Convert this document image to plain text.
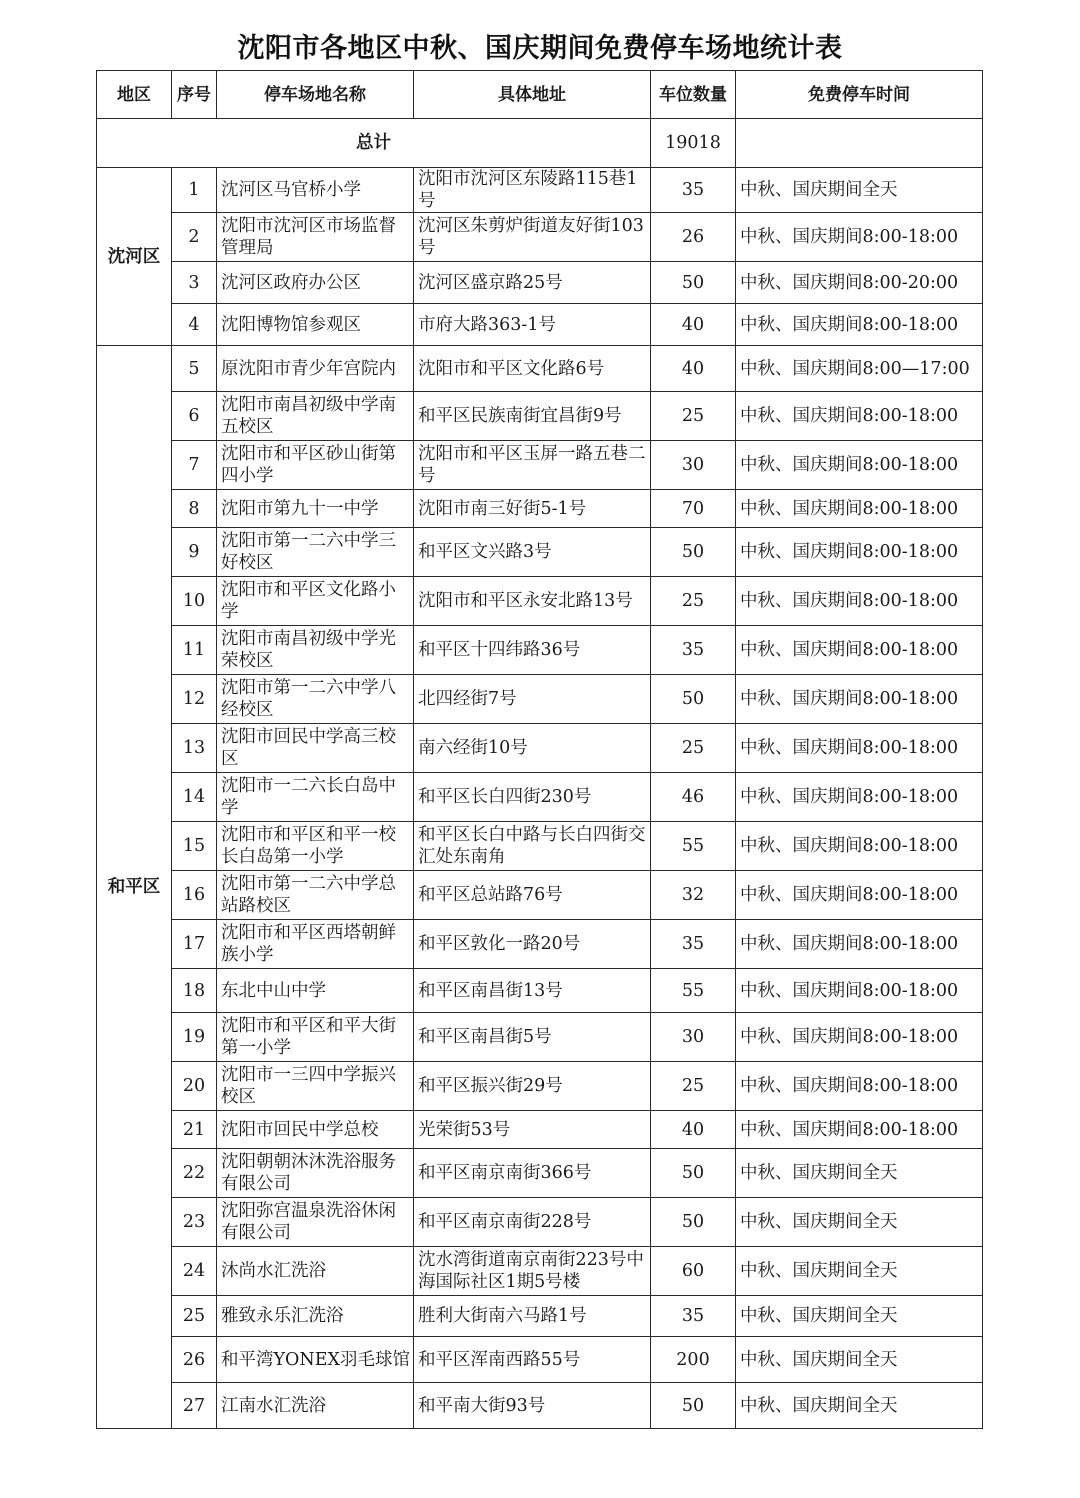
沈阳市各地区中秋、国庆期间免费停车场地统计表
地区	序号	停车场地名称	具体地址	车位数量	免费停车时间
总计				19018	
沈河区	1	沈河区马官桥小学	沈阳市沈河区东陵路115巷1号	35	中秋、国庆期间全天
	2	沈阳市沈河区市场监督管理局	沈河区朱剪炉街道友好街103号	26	中秋、国庆期间8:00-18:00
	3	沈河区政府办公区	沈河区盛京路25号	50	中秋、国庆期间8:00-20:00
	4	沈阳博物馆参观区	市府大路363-1号	40	中秋、国庆期间8:00-18:00
和平区	5	原沈阳市青少年宫院内	沈阳市和平区文化路6号	40	中秋、国庆期间8:00—17:00
	6	沈阳市南昌初级中学南五校区	和平区民族南街宜昌街9号	25	中秋、国庆期间8:00-18:00
	7	沈阳市和平区砂山街第四小学	沈阳市和平区玉屏一路五巷二号	30	中秋、国庆期间8:00-18:00
	8	沈阳市第九十一中学	沈阳市南三好街5-1号	70	中秋、国庆期间8:00-18:00
	9	沈阳市第一二六中学三好校区	和平区文兴路3号	50	中秋、国庆期间8:00-18:00
	10	沈阳市和平区文化路小学	沈阳市和平区永安北路13号	25	中秋、国庆期间8:00-18:00
	11	沈阳市南昌初级中学光荣校区	和平区十四纬路36号	35	中秋、国庆期间8:00-18:00
	12	沈阳市第一二六中学八经校区	北四经街7号	50	中秋、国庆期间8:00-18:00
	13	沈阳市回民中学高三校区	南六经街10号	25	中秋、国庆期间8:00-18:00
	14	沈阳市一二六长白岛中学	和平区长白四街230号	46	中秋、国庆期间8:00-18:00
	15	沈阳市和平区和平一校长白岛第一小学	和平区长白中路与长白四街交汇处东南角	55	中秋、国庆期间8:00-18:00
	16	沈阳市第一二六中学总站路校区	和平区总站路76号	32	中秋、国庆期间8:00-18:00
	17	沈阳市和平区西塔朝鲜族小学	和平区敦化一路20号	35	中秋、国庆期间8:00-18:00
	18	东北中山中学	和平区南昌街13号	55	中秋、国庆期间8:00-18:00
	19	沈阳市和平区和平大街第一小学	和平区南昌街5号	30	中秋、国庆期间8:00-18:00
	20	沈阳市一三四中学振兴校区	和平区振兴街29号	25	中秋、国庆期间8:00-18:00
	21	沈阳市回民中学总校	光荣街53号	40	中秋、国庆期间8:00-18:00
	22	沈阳朝朝沐沐洗浴服务有限公司	和平区南京南街366号	50	中秋、国庆期间全天
	23	沈阳弥宫温泉洗浴休闲有限公司	和平区南京南街228号	50	中秋、国庆期间全天
	24	沐尚水汇洗浴	沈水湾街道南京南街223号中海国际社区1期5号楼	60	中秋、国庆期间全天
	25	雅致永乐汇洗浴	胜利大街南六马路1号	35	中秋、国庆期间全天
	26	和平湾YONEX羽毛球馆	和平区浑南西路55号	200	中秋、国庆期间全天
	27	江南水汇洗浴	和平南大街93号	50	中秋、国庆期间全天
